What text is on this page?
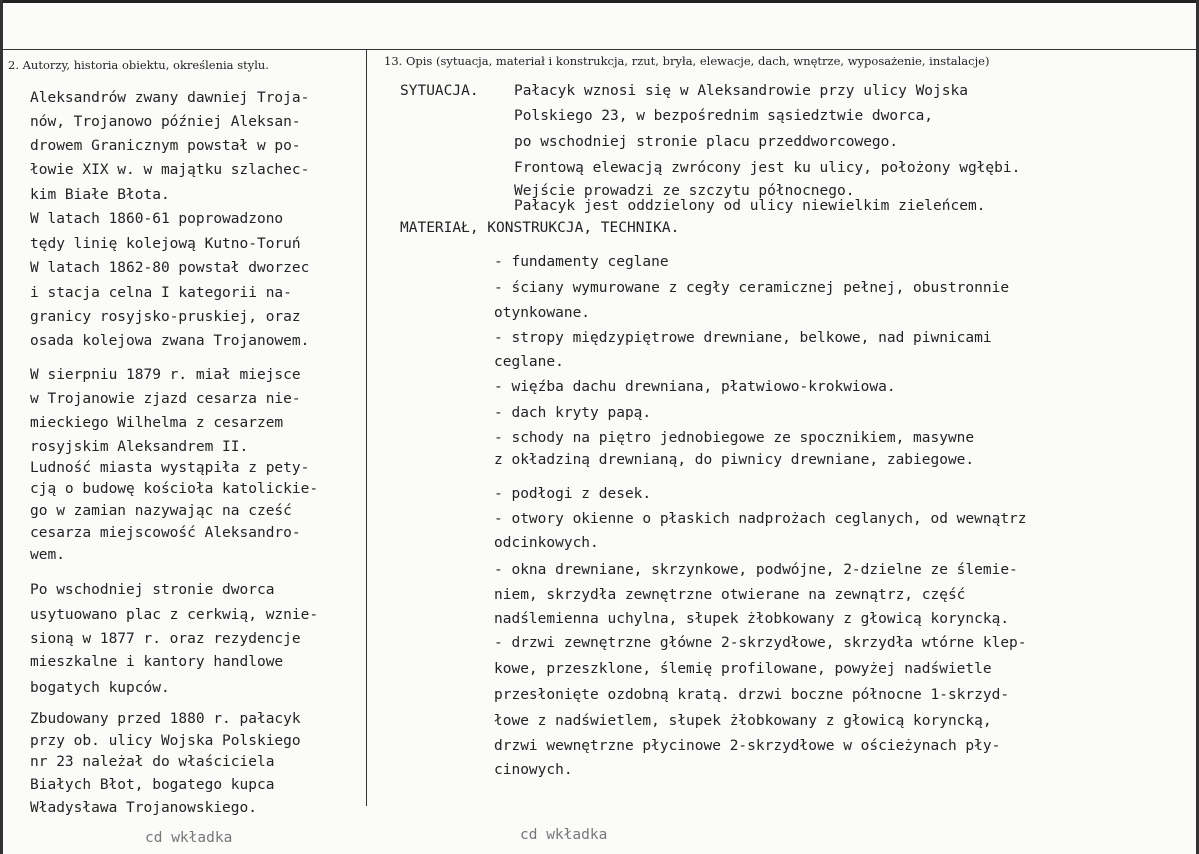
2. Autorzy, historia obiektu, określenia stylu.	13. Opis (sytuacja, materiał i konstrukcja, rzut, bryła, elewacje, dach, wnętrze, wyposażenie, instalacje)
Aleksandrów zwany dawniej Troja-
nów, Trojanowo później Aleksan-
drowem Granicznym powstał w po-
łowie XIX w. w majątku szlachec-
kim Białe Błota.
W latach 1860-61 poprowadzono
tędy linię kolejową Kutno-Toruń
W latach 1862-80 powstał dworzec
i stacja celna I kategorii na-
granicy rosyjsko-pruskiej, oraz
osada kolejowa zwana Trojanowem.
W sierpniu 1879 r. miał miejsce
w Trojanowie zjazd cesarza nie-
mieckiego Wilhelma z cesarzem
rosyjskim Aleksandrem II.
Ludność miasta wystąpiła z pety-
cją o budowę kościoła katolickie-
go w zamian nazywając na cześć
cesarza miejscowość Aleksandro-
wem.
Po wschodniej stronie dworca
usytuowano plac z cerkwią, wznie-
sioną w 1877 r. oraz rezydencje
mieszkalne i kantory handlowe
bogatych kupców.
Zbudowany przed 1880 r. pałacyk
przy ob. ulicy Wojska Polskiego
nr 23 należał do właściciela
Białych Błot, bogatego kupca
Władysława Trojanowskiego.
cd wkładka
SYTUACJA. Pałacyk wznosi się w Aleksandrowie przy ulicy Wojska
Polskiego 23, w bezpośrednim sąsiedztwie dworca,
po wschodniej stronie placu przeddworcowego.
Frontową elewacją zwrócony jest ku ulicy, położony wgłębi.
Wejście prowadzi ze szczytu północnego.
Pałacyk jest oddzielony od ulicy niewielkim zieleńcem.
MATERIAŁ, KONSTRUKCJA, TECHNIKA.
- fundamenty ceglane
- ściany wymurowane z cegły ceramicznej pełnej, obustronnie
otynkowane.
- stropy międzypiętrowe drewniane, belkowe, nad piwnicami
ceglane.
- więźba dachu drewniana, płatwiowo-krokwiowa.
- dach kryty papą.
- schody na piętro jednobiegowe ze spocznikiem, masywne
z okładziną drewnianą, do piwnicy drewniane, zabiegowe.
- podłogi z desek.
- otwory okienne o płaskich nadprożach ceglanych, od wewnątrz
odcinkowych.
- okna drewniane, skrzynkowe, podwójne, 2-dzielne ze ślemie-
niem, skrzydła zewnętrzne otwierane na zewnątrz, część
nadślemienna uchylna, słupek żłobkowany z głowicą koryncką.
- drzwi zewnętrzne główne 2-skrzydłowe, skrzydła wtórne klep-
kowe, przeszklone, ślemię profilowane, powyżej nadświetle
przesłonięte ozdobną kratą. drzwi boczne północne 1-skrzyd-
łowe z nadświetlem, słupek żłobkowany z głowicą koryncką,
drzwi wewnętrzne płycinowe 2-skrzydłowe w ościeżynach pły-
cinowych.
cd wkładka
